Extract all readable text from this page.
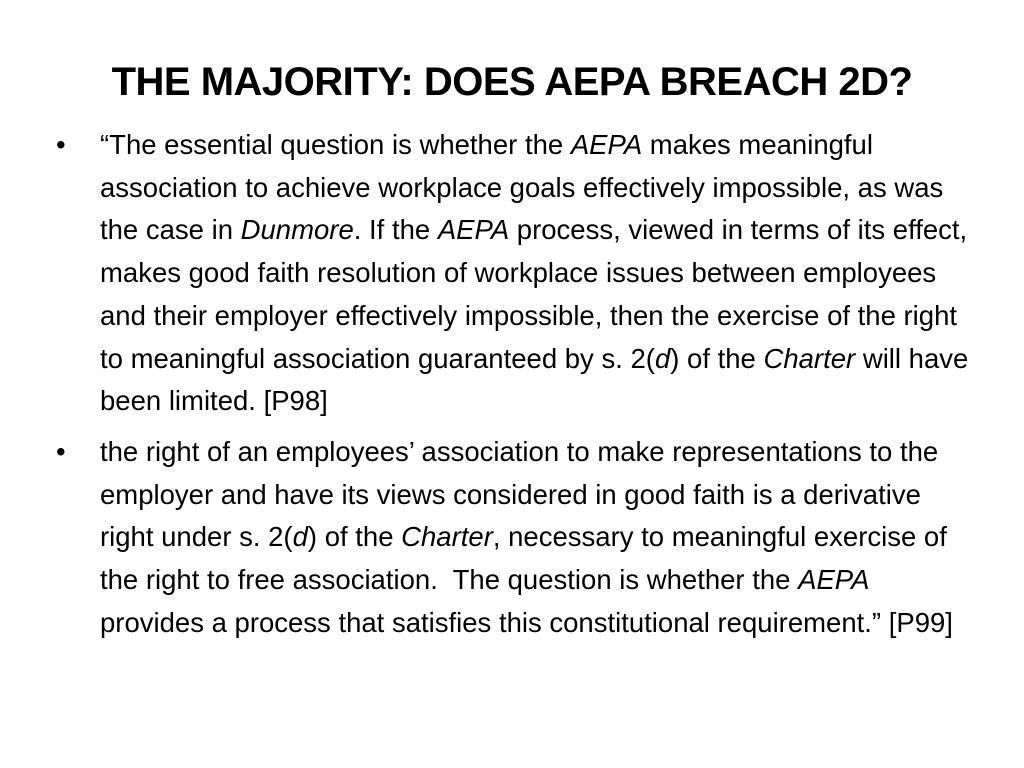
THE MAJORITY: DOES AEPA BREACH 2D?
•	“The essential question is whether the AEPA makes meaningful association to achieve workplace goals effectively impossible, as was the case in Dunmore. If the AEPA process, viewed in terms of its effect, makes good faith resolution of workplace issues between employees and their employer effectively impossible, then the exercise of the right to meaningful association guaranteed by s. 2(d) of the Charter will have been limited. [P98]
•	the right of an employees’ association to make representations to the employer and have its views considered in good faith is a derivative right under s. 2(d) of the Charter, necessary to meaningful exercise of the right to free association.  The question is whether the AEPA provides a process that satisfies this constitutional requirement.” [P99]
